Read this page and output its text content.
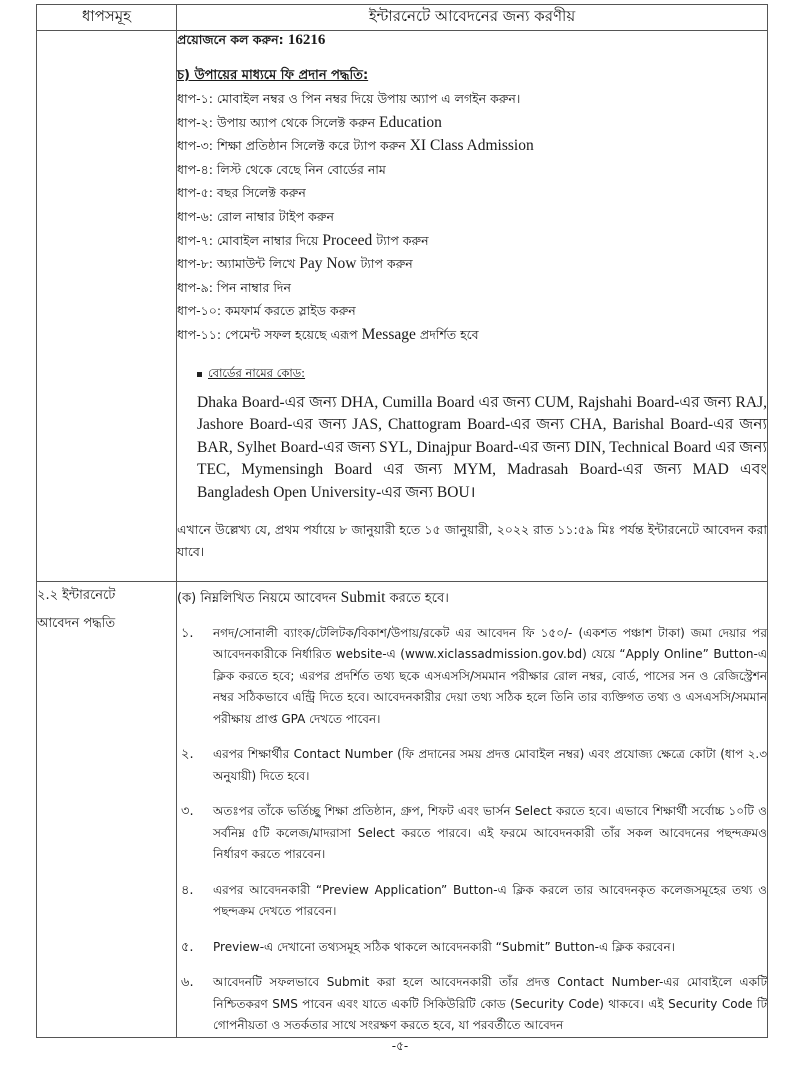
ধাপসমূহ	ইন্টারনেটে আবেদনের জন্য করণীয়

প্রয়োজনে কল করুন: 16216
চ) উপায়ের মাধ্যমে ফি প্রদান পদ্ধতি:
ধাপ-১: মোবাইল নম্বর ও পিন নম্বর দিয়ে উপায় অ্যাপ এ লগইন করুন।
ধাপ-২: উপায় অ্যাপ থেকে সিলেক্ট করুন Education
ধাপ-৩: শিক্ষা প্রতিষ্ঠান সিলেক্ট করে ট্যাপ করুন XI Class Admission
ধাপ-৪: লিস্ট থেকে বেছে নিন বোর্ডের নাম
ধাপ-৫: বছর সিলেক্ট করুন
ধাপ-৬: রোল নাম্বার টাইপ করুন
ধাপ-৭: মোবাইল নাম্বার দিয়ে Proceed ট্যাপ করুন
ধাপ-৮: অ্যামাউন্ট লিখে Pay Now ট্যাপ করুন
ধাপ-৯: পিন নাম্বার দিন
ধাপ-১০: কমফার্ম করতে স্লাইড করুন
ধাপ-১১: পেমেন্ট সফল হয়েছে এরূপ Message প্রদর্শিত হবে
বোর্ডের নামের কোড:
Dhaka Board-এর জন্য DHA, Cumilla Board এর জন্য CUM, Rajshahi Board-এর জন্য RAJ, Jashore Board-এর জন্য JAS, Chattogram Board-এর জন্য CHA, Barishal Board-এর জন্য BAR, Sylhet Board-এর জন্য SYL, Dinajpur Board-এর জন্য DIN, Technical Board এর জন্য TEC, Mymensingh Board এর জন্য MYM, Madrasah Board-এর জন্য MAD এবং Bangladesh Open University-এর জন্য BOU।
এখানে উল্লেখ্য যে, প্রথম পর্যায়ে ৮ জানুয়ারী হতে ১৫ জানুয়ারী, ২০২২ রাত ১১:৫৯ মিঃ পর্যন্ত ইন্টারনেটে আবেদন করা যাবে।

২.২ ইন্টারনেটে
আবেদন পদ্ধতি

(ক) নিম্নলিখিত নিয়মে আবেদন Submit করতে হবে।
১.	নগদ/সোনালী ব্যাংক/টেলিটক/বিকাশ/উপায়/রকেট এর আবেদন ফি ১৫০/- (একশত পঞ্চাশ টাকা) জমা দেয়ার পর আবেদনকারীকে নির্ধারিত website-এ (www.xiclassadmission.gov.bd) যেয়ে “Apply Online” Button-এ ক্লিক করতে হবে; এরপর প্রদর্শিত তথ্য ছকে এসএসসি/সমমান পরীক্ষার রোল নম্বর, বোর্ড, পাসের সন ও রেজিস্ট্রেশন নম্বর সঠিকভাবে এন্ট্রি দিতে হবে। আবেদনকারীর দেয়া তথ্য সঠিক হলে তিনি তার ব্যক্তিগত তথ্য ও এসএসসি/সমমান পরীক্ষায় প্রাপ্ত GPA দেখতে পাবেন।
২.	এরপর শিক্ষার্থীর Contact Number (ফি প্রদানের সময় প্রদত্ত মোবাইল নম্বর) এবং প্রযোজ্য ক্ষেত্রে কোটা (ধাপ ২.৩ অনুযায়ী) দিতে হবে।
৩.	অতঃপর তাঁকে ভর্তিচ্ছু শিক্ষা প্রতিষ্ঠান, গ্রুপ, শিফট এবং ভার্সন Select করতে হবে। এভাবে শিক্ষার্থী সর্বোচ্চ ১০টি ও সর্বনিম্ন ৫টি কলেজ/মাদরাসা Select করতে পারবে। এই ফরমে আবেদনকারী তাঁর সকল আবেদনের পছন্দক্রমও নির্ধারণ করতে পারবেন।
৪.	এরপর আবেদনকারী “Preview Application” Button-এ ক্লিক করলে তার আবেদনকৃত কলেজসমূহের তথ্য ও পছন্দক্রম দেখতে পারবেন।
৫.	Preview-এ দেখানো তথ্যসমূহ সঠিক থাকলে আবেদনকারী “Submit” Button-এ ক্লিক করবেন।
৬.	আবেদনটি সফলভাবে Submit করা হলে আবেদনকারী তাঁর প্রদত্ত Contact Number-এর মোবাইলে একটি নিশ্চিতকরণ SMS পাবেন এবং যাতে একটি সিকিউরিটি কোড (Security Code) থাকবে। এই Security Code টি গোপনীয়তা ও সতর্কতার সাথে সংরক্ষণ করতে হবে, যা পরবর্তীতে আবেদন
-৫-
